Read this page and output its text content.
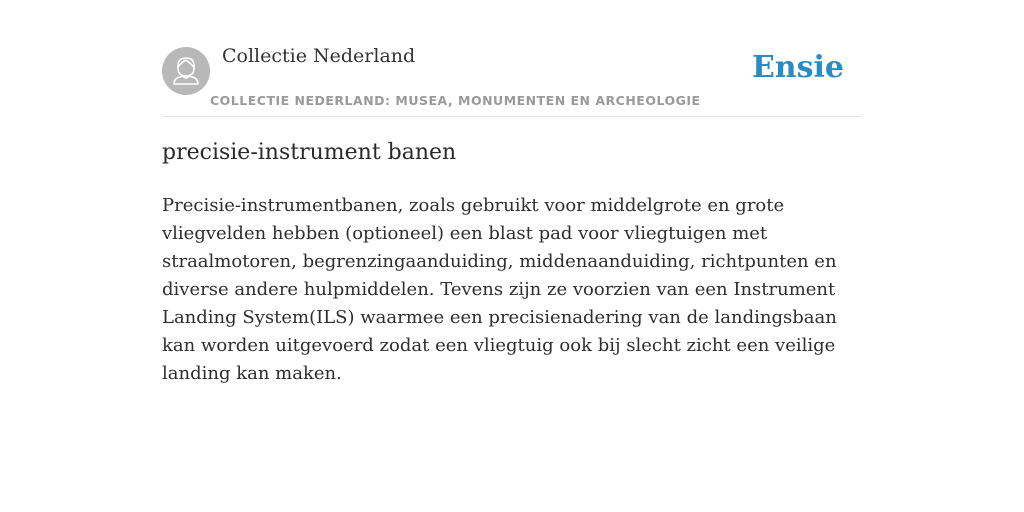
Collectie Nederland
COLLECTIE NEDERLAND: MUSEA, MONUMENTEN EN ARCHEOLOGIE
Ensie
precisie-instrument banen

Precisie-instrumentbanen, zoals gebruikt voor middelgrote en grote vliegvelden hebben (optioneel) een blast pad voor vliegtuigen met straalmotoren, begrenzingaanduiding, middenaanduiding, richtpunten en diverse andere hulpmiddelen. Tevens zijn ze voorzien van een Instrument Landing System(ILS) waarmee een precisienadering van de landingsbaan kan worden uitgevoerd zodat een vliegtuig ook bij slecht zicht een veilige landing kan maken.
